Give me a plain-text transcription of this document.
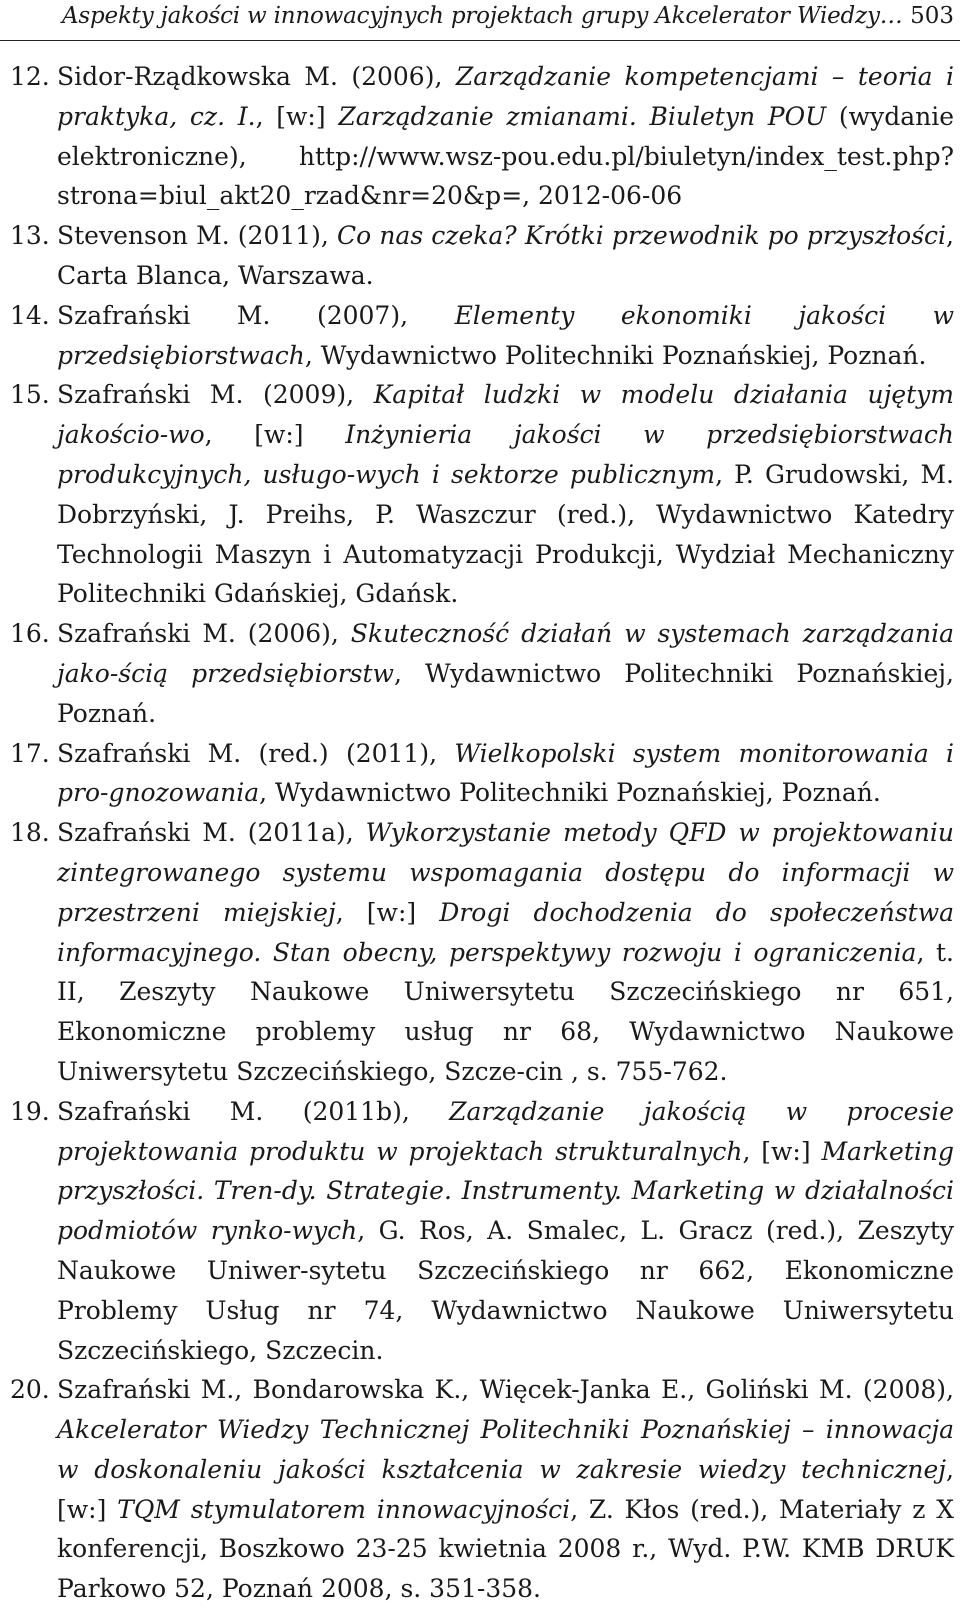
Aspekty jakości w innowacyjnych projektach grupy Akcelerator Wiedzy… 503
12. Sidor-Rządkowska M. (2006), Zarządzanie kompetencjami – teoria i praktyka, cz. I., [w:] Zarządzanie zmianami. Biuletyn POU (wydanie elektroniczne), http://www.wsz-pou.edu.pl/biuletyn/index_test.php?strona=biul_akt20_rzad&nr=20&p=, 2012-06-06
13. Stevenson M. (2011), Co nas czeka? Krótki przewodnik po przyszłości, Carta Blanca, Warszawa.
14. Szafrański M. (2007), Elementy ekonomiki jakości w przedsiębiorstwach, Wydawnictwo Politechniki Poznańskiej, Poznań.
15. Szafrański M. (2009), Kapitał ludzki w modelu działania ujętym jakościo-wo, [w:] Inżynieria jakości w przedsiębiorstwach produkcyjnych, usługo-wych i sektorze publicznym, P. Grudowski, M. Dobrzyński, J. Preihs, P. Waszczur (red.), Wydawnictwo Katedry Technologii Maszyn i Automatyzacji Produkcji, Wydział Mechaniczny Politechniki Gdańskiej, Gdańsk.
16. Szafrański M. (2006), Skuteczność działań w systemach zarządzania jako-ścią przedsiębiorstw, Wydawnictwo Politechniki Poznańskiej, Poznań.
17. Szafrański M. (red.) (2011), Wielkopolski system monitorowania i pro-gnozowania, Wydawnictwo Politechniki Poznańskiej, Poznań.
18. Szafrański M. (2011a), Wykorzystanie metody QFD w projektowaniu zintegrowanego systemu wspomagania dostępu do informacji w przestrzeni miejskiej, [w:] Drogi dochodzenia do społeczeństwa informacyjnego. Stan obecny, perspektywy rozwoju i ograniczenia, t. II, Zeszyty Naukowe Uniwersytetu Szczecińskiego nr 651, Ekonomiczne problemy usług nr 68, Wydawnictwo Naukowe Uniwersytetu Szczecińskiego, Szcze-cin , s. 755-762.
19. Szafrański M. (2011b), Zarządzanie jakością w procesie projektowania produktu w projektach strukturalnych, [w:] Marketing przyszłości. Tren-dy. Strategie. Instrumenty. Marketing w działalności podmiotów rynko-wych, G. Ros, A. Smalec, L. Gracz (red.), Zeszyty Naukowe Uniwer-sytetu Szczecińskiego nr 662, Ekonomiczne Problemy Usług nr 74, Wydawnictwo Naukowe Uniwersytetu Szczecińskiego, Szczecin.
20. Szafrański M., Bondarowska K., Więcek-Janka E., Goliński M. (2008), Akcelerator Wiedzy Technicznej Politechniki Poznańskiej – innowacja w doskonaleniu jakości kształcenia w zakresie wiedzy technicznej, [w:] TQM stymulatorem innowacyjności, Z. Kłos (red.), Materiały z X konferencji, Boszkowo 23-25 kwietnia 2008 r., Wyd. P.W. KMB DRUK Parkowo 52, Poznań 2008, s. 351-358.
